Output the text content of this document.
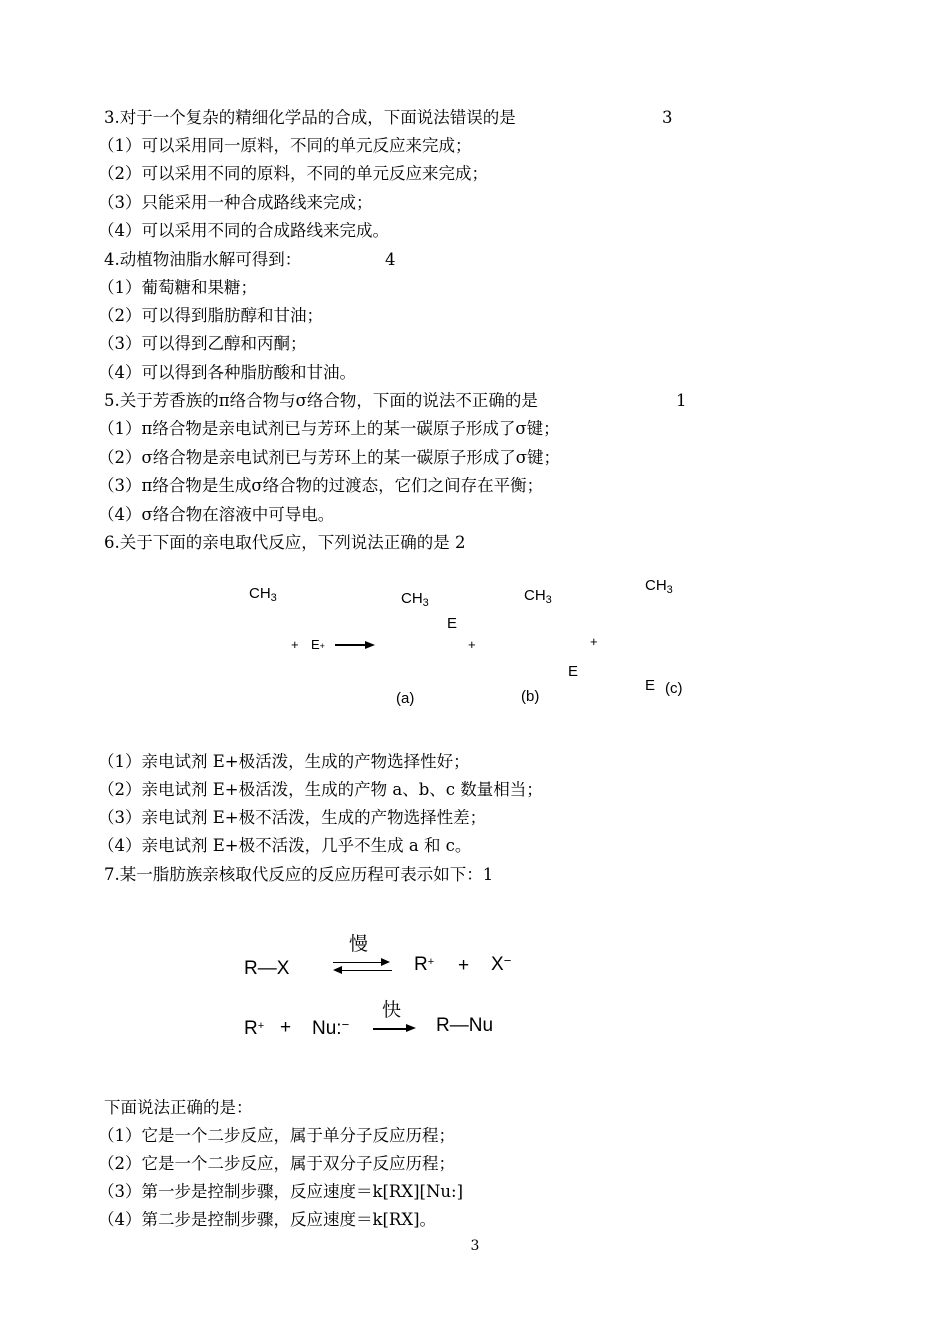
3.对于一个复杂的精细化学品的合成，下面说法错误的是	3
（1）可以采用同一原料，不同的单元反应来完成；
（2）可以采用不同的原料，不同的单元反应来完成；
（3）只能采用一种合成路线来完成；
（4）可以采用不同的合成路线来完成。
4.动植物油脂水解可得到：	4
（1）葡萄糖和果糖；
（2）可以得到脂肪醇和甘油；
（3）可以得到乙醇和丙酮；
（4）可以得到各种脂肪酸和甘油。
5.关于芳香族的π络合物与σ络合物，下面的说法不正确的是	1
（1）π络合物是亲电试剂已与芳环上的某一碳原子形成了σ键；
（2）σ络合物是亲电试剂已与芳环上的某一碳原子形成了σ键；
（3）π络合物是生成σ络合物的过渡态，它们之间存在平衡；
（4）σ络合物在溶液中可导电。
6.关于下面的亲电取代反应，下列说法正确的是 2
$CH_3$
+ E+
$CH_3$
E
+
(a)
$CH_3$
+
E
(b)
$CH_3$
E (c)
（1）亲电试剂 E+极活泼，生成的产物选择性好；
（2）亲电试剂 E+极活泼，生成的产物 a、b、c 数量相当；
（3）亲电试剂 E+极不活泼，生成的产物选择性差；
（4）亲电试剂 E+极不活泼，几乎不生成 a 和 c。
7.某一脂肪族亲核取代反应的反应历程可表示如下：1
R—X
慢
R+ + X−
R+ + Nu:−
快
R—Nu
下面说法正确的是：
（1）它是一个二步反应，属于单分子反应历程；
（2）它是一个二步反应，属于双分子反应历程；
（3）第一步是控制步骤，反应速度＝k[RX][Nu:]
（4）第二步是控制步骤，反应速度＝k[RX]。
3
